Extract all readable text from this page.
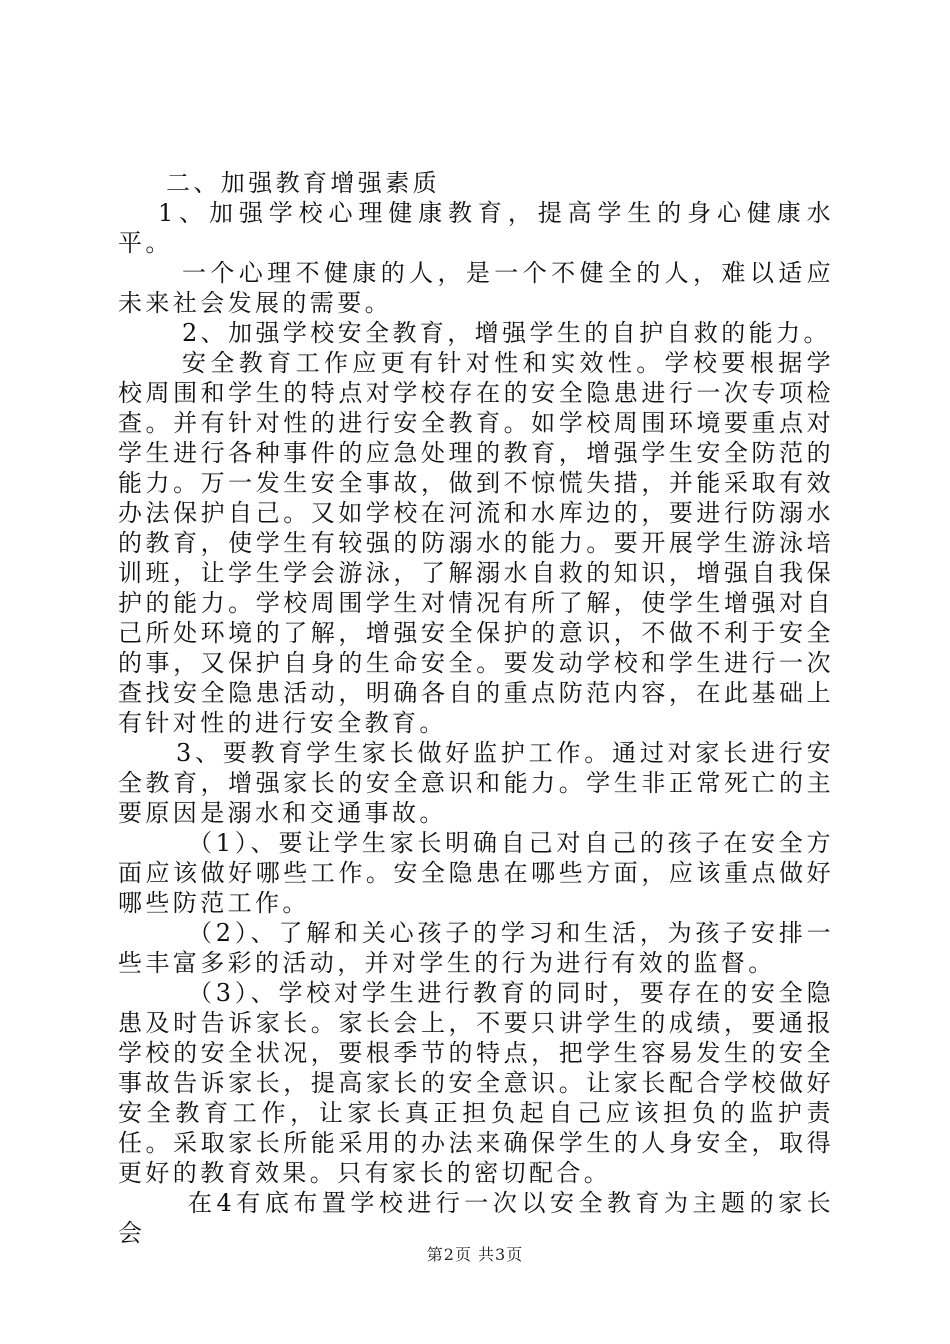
二、加强教育增强素质

1、加强学校心理健康教育，提高学生的身心健康水平。

一个心理不健康的人，是一个不健全的人，难以适应未来社会发展的需要。

2、加强学校安全教育，增强学生的自护自救的能力。

安全教育工作应更有针对性和实效性。学校要根据学校周围和学生的特点对学校存在的安全隐患进行一次专项检查。并有针对性的进行安全教育。如学校周围环境要重点对学生进行各种事件的应急处理的教育，增强学生安全防范的能力。万一发生安全事故，做到不惊慌失措，并能采取有效办法保护自己。又如学校在河流和水库边的，要进行防溺水的教育，使学生有较强的防溺水的能力。要开展学生游泳培训班，让学生学会游泳，了解溺水自救的知识，增强自我保护的能力。学校周围学生对情况有所了解，使学生增强对自己所处环境的了解，增强安全保护的意识，不做不利于安全的事，又保护自身的生命安全。要发动学校和学生进行一次查找安全隐患活动，明确各自的重点防范内容，在此基础上有针对性的进行安全教育。

3、要教育学生家长做好监护工作。通过对家长进行安全教育，增强家长的安全意识和能力。学生非正常死亡的主要原因是溺水和交通事故。

（1）、要让学生家长明确自己对自己的孩子在安全方面应该做好哪些工作。安全隐患在哪些方面，应该重点做好哪些防范工作。

（2）、了解和关心孩子的学习和生活，为孩子安排一些丰富多彩的活动，并对学生的行为进行有效的监督。

（3）、学校对学生进行教育的同时，要存在的安全隐患及时告诉家长。家长会上，不要只讲学生的成绩，要通报学校的安全状况，要根季节的特点，把学生容易发生的安全事故告诉家长，提高家长的安全意识。让家长配合学校做好安全教育工作，让家长真正担负起自己应该担负的监护责任。采取家长所能采用的办法来确保学生的人身安全，取得更好的教育效果。只有家长的密切配合。

在4有底布置学校进行一次以安全教育为主题的家长会

第2页 共3页
